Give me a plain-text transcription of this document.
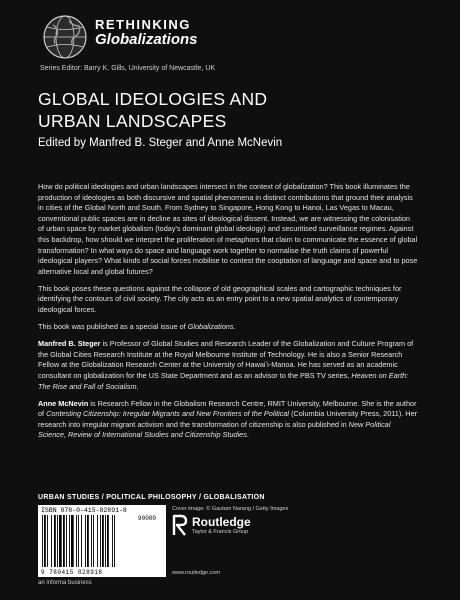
RETHINKING
Globalizations
Series Editor: Barry K. Gills, University of Newcastle, UK
GLOBAL IDEOLOGIES AND
URBAN LANDSCAPES
Edited by Manfred B. Steger and Anne McNevin

How do political ideologies and urban landscapes intersect in the context of globalization? This book illuminates the production of ideologies as both discursive and spatial phenomena in distinct contributions that ground their analysis in cities of the Global North and South. From Sydney to Singapore, Hong Kong to Hanoi, Las Vegas to Macau, conventional public spaces are in decline as sites of ideological dissent. Instead, we are witnessing the colonisation of urban space by market globalism (today's dominant global ideology) and securitised surveillance regimes. Against this backdrop, how should we interpret the proliferation of metaphors that claim to communicate the essence of global transformation? In what ways do space and language work together to normalise the truth claims of powerful ideological players? What kinds of social forces mobilise to contest the cooptation of language and space and to pose alternative local and global futures?

This book poses these questions against the collapse of old geographical scales and cartographic techniques for identifying the contours of civil society. The city acts as an entry point to a new spatial analytics of contemporary ideological forces.

This book was published as a special issue of Globalizations.

Manfred B. Steger is Professor of Global Studies and Research Leader of the Globalization and Culture Program of the Global Cities Research Institute at the Royal Melbourne Institute of Technology. He is also a Senior Research Fellow at the Globalization Research Center at the University of Hawaiʻi-Manoa. He has served as an academic consultant on globalization for the US State Department and as an advisor to the PBS TV series, Heaven on Earth: The Rise and Fall of Socialism.

Anne McNevin is Research Fellow in the Globalism Research Centre, RMIT University, Melbourne. She is the author of Contesting Citizenship: Irregular Migrants and New Frontiers of the Political (Columbia University Press, 2011). Her research into irregular migrant activism and the transformation of citizenship is also published in New Political Science, Review of International Studies and Citizenship Studies.

URBAN STUDIES / POLITICAL PHILOSOPHY / GLOBALISATION
ISBN 978-0-415-82891-8
90000
9 780415 828918
an informa business
Cover image: © Gautam Narang / Getty Images
Routledge
Taylor & Francis Group
www.routledge.com
